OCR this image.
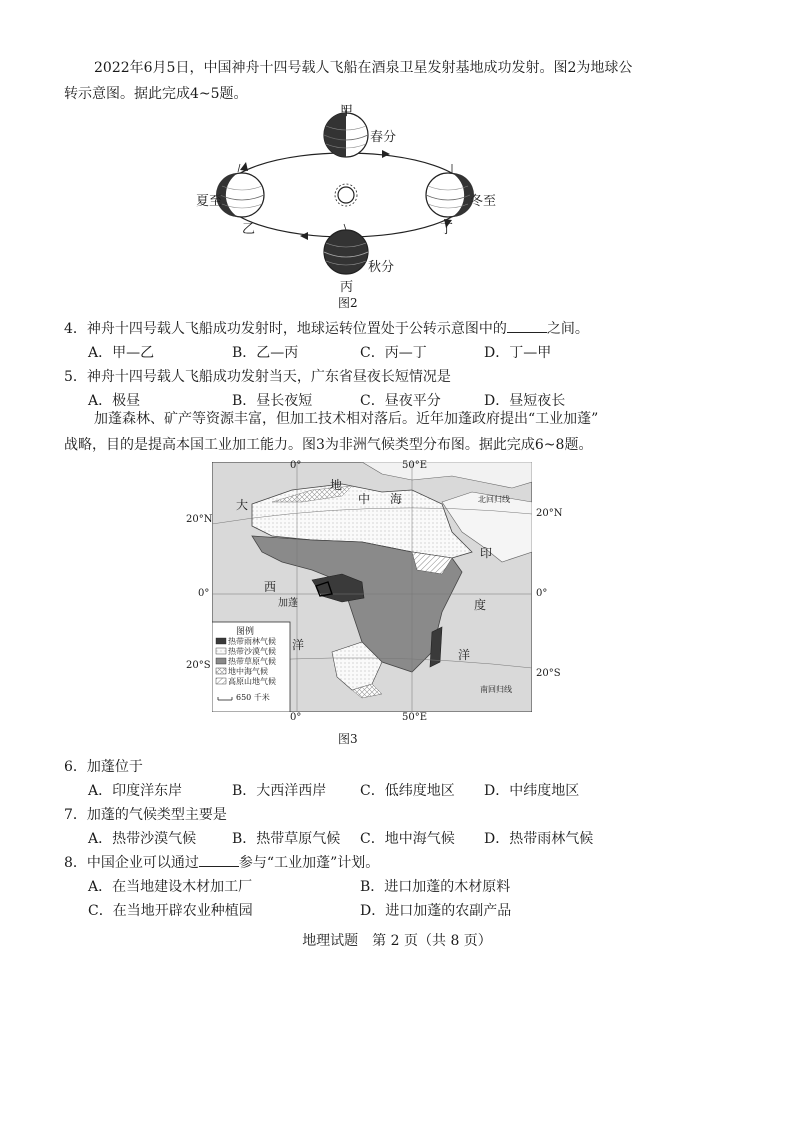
2022年6月5日，中国神舟十四号载人飞船在酒泉卫星发射基地成功发射。图2为地球公
转示意图。据此完成4~5题。
甲
春分
夏至
乙
冬至
丁
秋分
丙
图2
4．神舟十四号载人飞船成功发射时，地球运转位置处于公转示意图中的	之间。
A．甲—乙	B．乙—丙	C．丙—丁	D．丁—甲
5．神舟十四号载人飞船成功发射当天，广东省昼夜长短情况是
A．极昼	B．昼长夜短	C．昼夜平分	D．昼短夜长
加蓬森林、矿产等资源丰富，但加工技术相对落后。近年加蓬政府提出“工业加蓬”
战略，目的是提高本国工业加工能力。图3为非洲气候类型分布图。据此完成6~8题。
0°	50°E
0°	50°E
20°N
20°N
0°	0°
20°S
20°S
地
中 海
大
西
洋
印
度
洋
加蓬
北回归线
南回归线
图例
热带雨林气候
热带沙漠气候
热带草原气候
地中海气候
高原山地气候
650 千米
图3
6．加蓬位于
A．印度洋东岸	B．大西洋西岸 C．低纬度地区 D．中纬度地区
7．加蓬的气候类型主要是
A．热带沙漠气候	B．热带草原气候 C．地中海气候 D．热带雨林气候
8．中国企业可以通过	参与“工业加蓬”计划。
A．在当地建设木材加工厂	B．进口加蓬的木材原料
C．在当地开辟农业种植园	D．进口加蓬的农副产品
地理试题　第 2 页（共 8 页）
